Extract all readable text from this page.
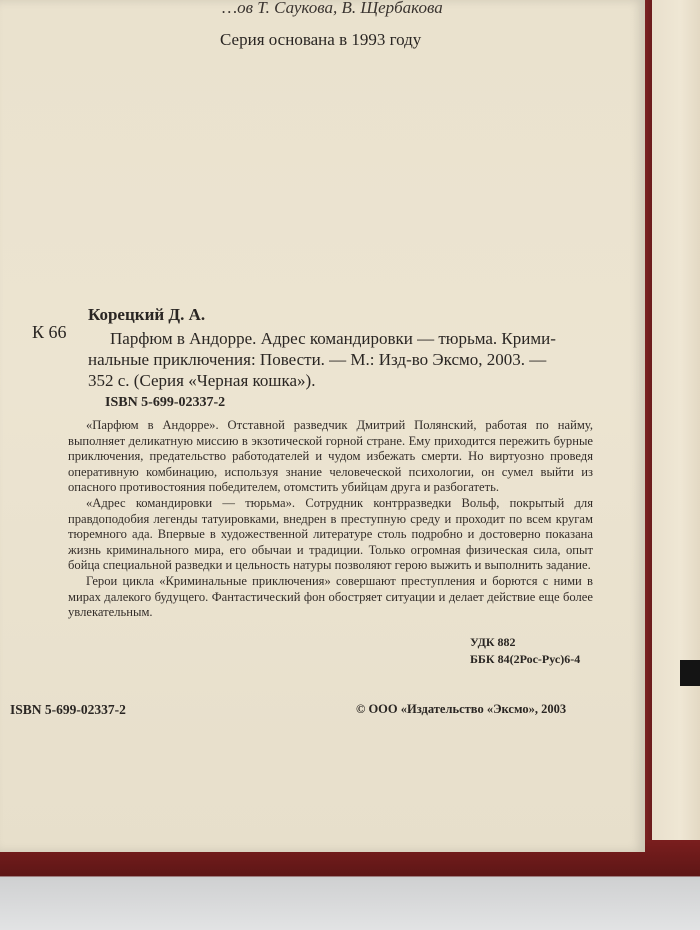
…ов Т. Саукова, В. Щербакова
Серия основана в 1993 году
К 66
Корецкий Д. А.
Парфюм в Андорре. Адрес командировки — тюрьма. Крими-
нальные приключения: Повести. — М.: Изд-во Эксмо, 2003. —
352 с. (Серия «Черная кошка»).
ISBN 5-699-02337-2

«Парфюм в Андорре». Отставной разведчик Дмитрий Полянский, работая по найму, выполняет деликатную миссию в экзотической горной стране. Ему приходится пережить бурные приключения, предательство работодателей и чудом избежать смерти. Но виртуозно проведя оперативную комбинацию, используя знание человеческой психологии, он сумел выйти из опасного противостояния победителем, отомстить убийцам друга и разбогатеть.

«Адрес командировки — тюрьма». Сотрудник контрразведки Вольф, покрытый для правдоподобия легенды татуировками, внедрен в преступную среду и проходит по всем кругам тюремного ада. Впервые в художественной литературе столь подробно и достоверно показана жизнь криминального мира, его обычаи и традиции. Только огромная физическая сила, опыт бойца специальной разведки и цельность натуры позволяют герою выжить и выполнить задание.

Герои цикла «Криминальные приключения» совершают преступления и борются с ними в мирах далекого будущего. Фантастический фон обостряет ситуации и делает действие еще более увлекательным.

УДК 882
ББК 84(2Рос-Рус)6-4
ISBN 5-699-02337-2	© ООО «Издательство «Эксмо», 2003
